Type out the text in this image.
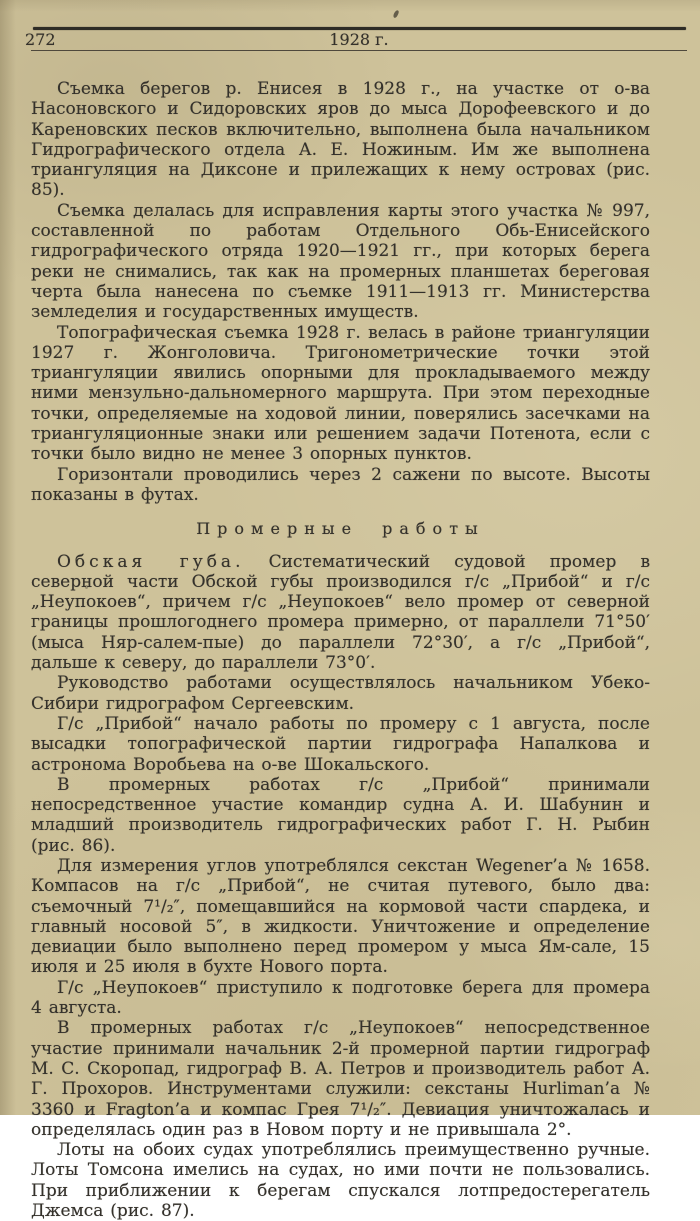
272	1928 г.

Съемка берегов р. Енисея в 1928 г., на участке от о-ва Насоновского и Сидоровских яров до мыса Дорофеевского и до Кареновских песков включительно, выполнена была начальником Гидрографического отдела А. Е. Ножиным. Им же выполнена триангуляция на Диксоне и прилежащих к нему островах (рис. 85).

Съемка делалась для исправления карты этого участка № 997, составленной по работам Отдельного Обь-Енисейского гидрографического отряда 1920—1921 гг., при которых берега реки не снимались, так как на промерных планшетах береговая черта была нанесена по съемке 1911—1913 гг. Министерства земледелия и государственных имуществ.

Топографическая съемка 1928 г. велась в районе триангуляции 1927 г. Жонголовича. Тригонометрические точки этой триангуляции явились опорными для прокладываемого между ними мензульно-дальномерного маршрута. При этом переходные точки, определяемые на ходовой линии, поверялись засечками на триангуляционные знаки или решением задачи Потенота, если с точки было видно не менее 3 опорных пунктов.

Горизонтали проводились через 2 сажени по высоте. Высоты показаны в футах.

Промерные работы

Обская губа. Систематический судовой промер в северной части Обской губы производился г/с „Прибой“ и г/с „Неупокоев“, причем г/с „Неупокоев“ вело промер от северной границы прошлогоднего промера примерно, от параллели 71°50′ (мыса Няр-салем-пые) до параллели 72°30′, а г/с „Прибой“, дальше к северу, до параллели 73°0′.

Руководство работами осуществлялось начальником Убеко-Сибири гидрографом Сергеевским.

Г/с „Прибой“ начало работы по промеру с 1 августа, после высадки топографической партии гидрографа Напалкова и астронома Воробьева на о-ве Шокальского.

В промерных работах г/с „Прибой“ принимали непосредственное участие командир судна А. И. Шабунин и младший производитель гидрографических работ Г. Н. Рыбин (рис. 86).

Для измерения углов употреблялся секстан Wegener’а № 1658. Компасов на г/с „Прибой“, не считая путевого, было два: съемочный 7¹/₂″, помещавшийся на кормовой части спардека, и главный носовой 5″, в жидкости. Уничтожение и определение девиации было выполнено перед промером у мыса Ям-сале, 15 июля и 25 июля в бухте Нового порта.

Г/с „Неупокоев“ приступило к подготовке берега для промера 4 августа.

В промерных работах г/с „Неупокоев“ непосредственное участие принимали начальник 2-й промерной партии гидрограф М. С. Скоропад, гидрограф В. А. Петров и производитель работ А. Г. Прохоров. Инструментами служили: секстаны Hurliman’а № 3360 и Fragton’а и компас Грея 7¹/₂″. Девиация уничтожалась и определялась один раз в Новом порту и не привышала 2°.

Лоты на обоих судах употреблялись преимущественно ручные. Лоты Томсона имелись на судах, но ими почти не пользовались. При приближении к берегам спускался лотпредостерегатель Джемса (рис. 87).
